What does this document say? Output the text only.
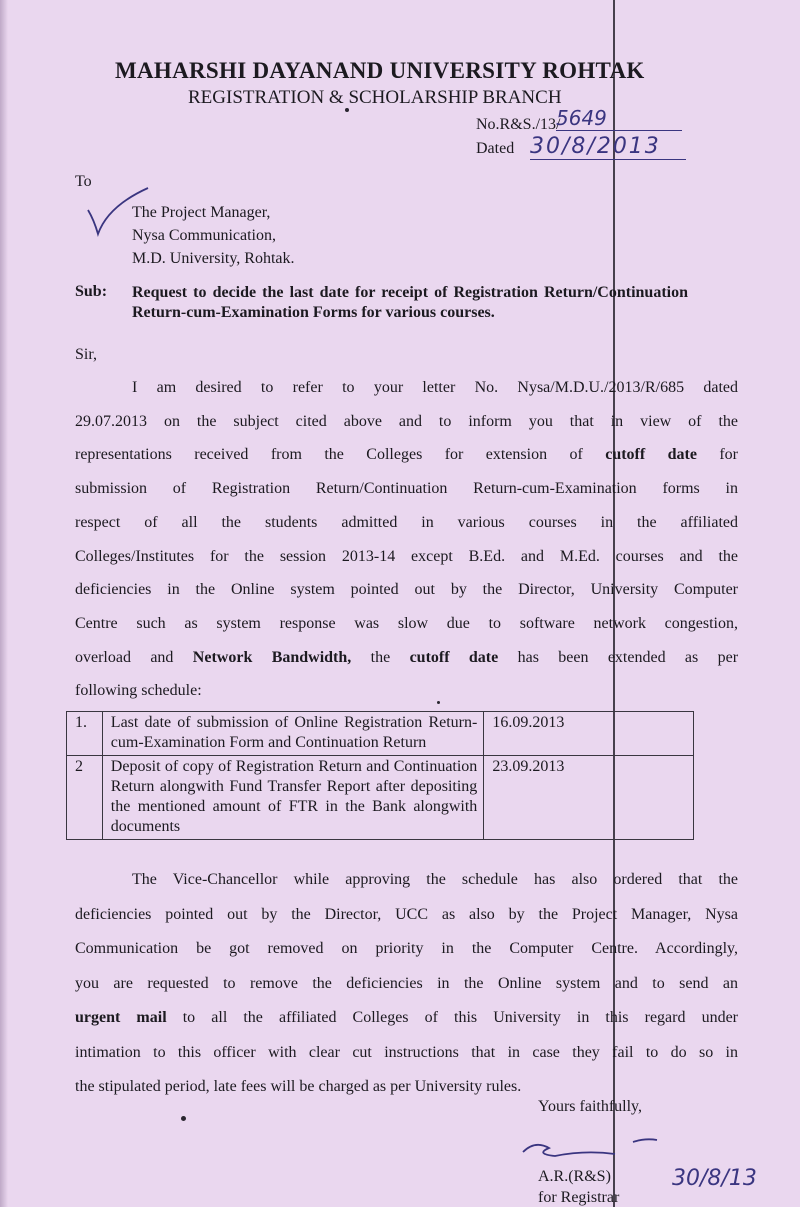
MAHARSHI DAYANAND UNIVERSITY ROHTAK
REGISTRATION & SCHOLARSHIP BRANCH
No.R&S./13/
5649
Dated 30/8/2013
To
The Project Manager,
Nysa Communication,
M.D. University, Rohtak.
Sub: Request to decide the last date for receipt of Registration Return/Continuation Return-cum-Examination Forms for various courses.
Sir,
I am desired to refer to your letter No. Nysa/M.D.U./2013/R/685 dated
29.07.2013 on the subject cited above and to inform you that in view of the
representations received from the Colleges for extension of cutoff date for
submission of Registration Return/Continuation Return-cum-Examination forms in
respect of all the students admitted in various courses in the affiliated
Colleges/Institutes for the session 2013-14 except B.Ed. and M.Ed. courses and the
deficiencies in the Online system pointed out by the Director, University Computer
Centre such as system response was slow due to software network congestion,
overload and Network Bandwidth, the cutoff date has been extended as per
following schedule:
1.	Last date of submission of Online Registration Return-cum-Examination Form and Continuation Return	16.09.2013
2	Deposit of copy of Registration Return and Continuation Return alongwith Fund Transfer Report after depositing the mentioned amount of FTR in the Bank alongwith documents	23.09.2013
The Vice-Chancellor while approving the schedule has also ordered that the
deficiencies pointed out by the Director, UCC as also by the Project Manager, Nysa
Communication be got removed on priority in the Computer Centre. Accordingly,
you are requested to remove the deficiencies in the Online system and to send an
urgent mail to all the affiliated Colleges of this University in this regard under
intimation to this officer with clear cut instructions that in case they fail to do so in
the stipulated period, late fees will be charged as per University rules.
Yours faithfully,
30/8/13
A.R.(R&S)
for Registrar
